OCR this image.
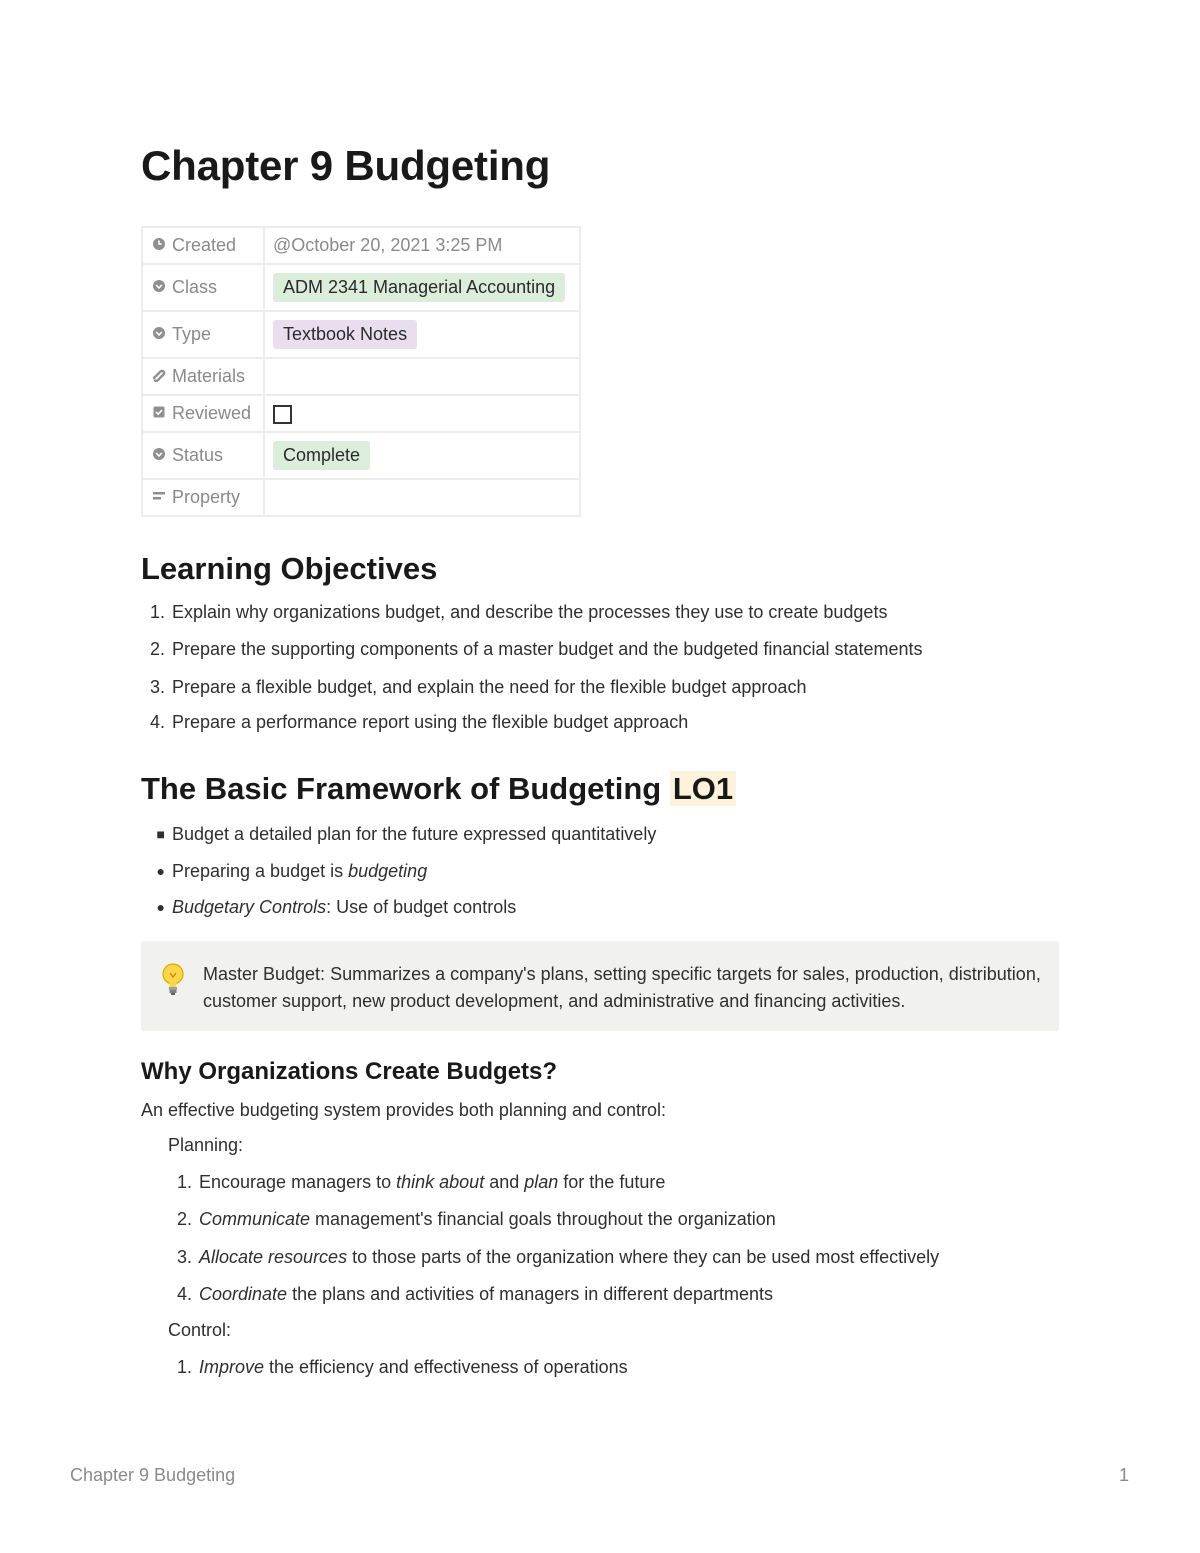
Chapter 9 Budgeting
Created	@October 20, 2021 3:25 PM
Class	ADM 2341 Managerial Accounting
Type	Textbook Notes
Materials	
Reviewed	
Status	Complete
Property	
Learning Objectives
1. Explain why organizations budget, and describe the processes they use to create budgets
2. Prepare the supporting components of a master budget and the budgeted financial statements
3. Prepare a flexible budget, and explain the need for the flexible budget approach
4. Prepare a performance report using the flexible budget approach
The Basic Framework of Budgeting LO1
■ Budget a detailed plan for the future expressed quantitatively
● Preparing a budget is budgeting
● Budgetary Controls: Use of budget controls
Master Budget: Summarizes a company's plans, setting specific targets for sales, production, distribution, customer support, new product development, and administrative and financing activities.
Why Organizations Create Budgets?
An effective budgeting system provides both planning and control:
Planning:
1. Encourage managers to think about and plan for the future
2. Communicate management's financial goals throughout the organization
3. Allocate resources to those parts of the organization where they can be used most effectively
4. Coordinate the plans and activities of managers in different departments
Control:
1. Improve the efficiency and effectiveness of operations
Chapter 9 Budgeting	1
